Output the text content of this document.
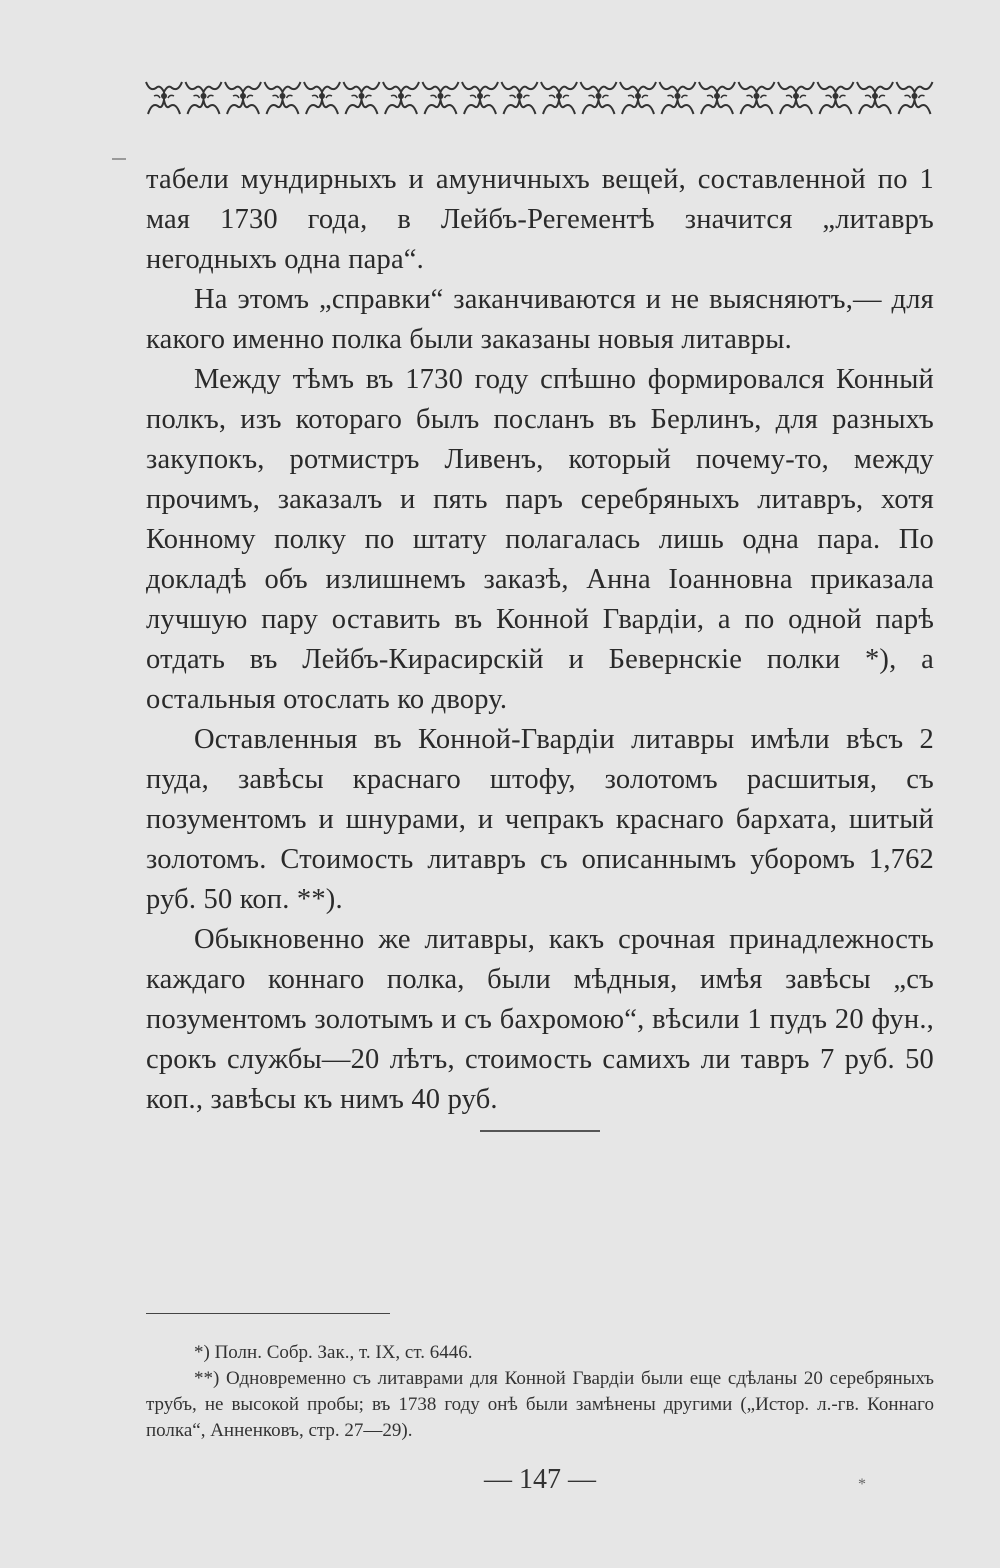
табели мундирныхъ и амуничныхъ вещей, составленной по 1 мая 1730 года, в Лейбъ-Регементѣ значится „литавръ негодныхъ одна пара“.

На этомъ „справки“ заканчиваются и не выясняютъ,— для какого именно полка были заказаны новыя литавры.

Между тѣмъ въ 1730 году спѣшно формировался Конный полкъ, изъ котораго былъ посланъ въ Берлинъ, для разныхъ закупокъ, ротмистръ Ливенъ, который почему-то, между прочимъ, заказалъ и пять паръ серебряныхъ литавръ, хотя Конному полку по штату полагалась лишь одна пара. По докладѣ объ излишнемъ заказѣ, Анна Іоанновна приказала лучшую пару оставить въ Конной Гвардіи, а по одной парѣ отдать въ Лейбъ-Кирасирскій и Бевернскіе полки *), а остальныя отослать ко двору.

Оставленныя въ Конной-Гвардіи литавры имѣли вѣсъ 2 пуда, завѣсы краснаго штофу, золотомъ расшитыя, съ позументомъ и шнурами, и чепракъ краснаго бархата, шитый золотомъ. Стоимость литавръ съ описаннымъ уборомъ 1,762 руб. 50 коп. **).

Обыкновенно же литавры, какъ срочная принадлежность каждаго коннаго полка, были мѣдныя, имѣя завѣсы „съ позументомъ золотымъ и съ бахромою“, вѣсили 1 пудъ 20 фун., срокъ службы—20 лѣтъ, стоимость самихъ ли тавръ 7 руб. 50 коп., завѣсы къ нимъ 40 руб.

*) Полн. Собр. Зак., т. IX, ст. 6446.

**) Одновременно съ литаврами для Конной Гвардіи были еще сдѣланы 20 серебряныхъ трубъ, не высокой пробы; въ 1738 году онѣ были замѣнены другими („Истор. л.-гв. Коннаго полка“, Анненковъ, стр. 27—29).

— 147 —	*
